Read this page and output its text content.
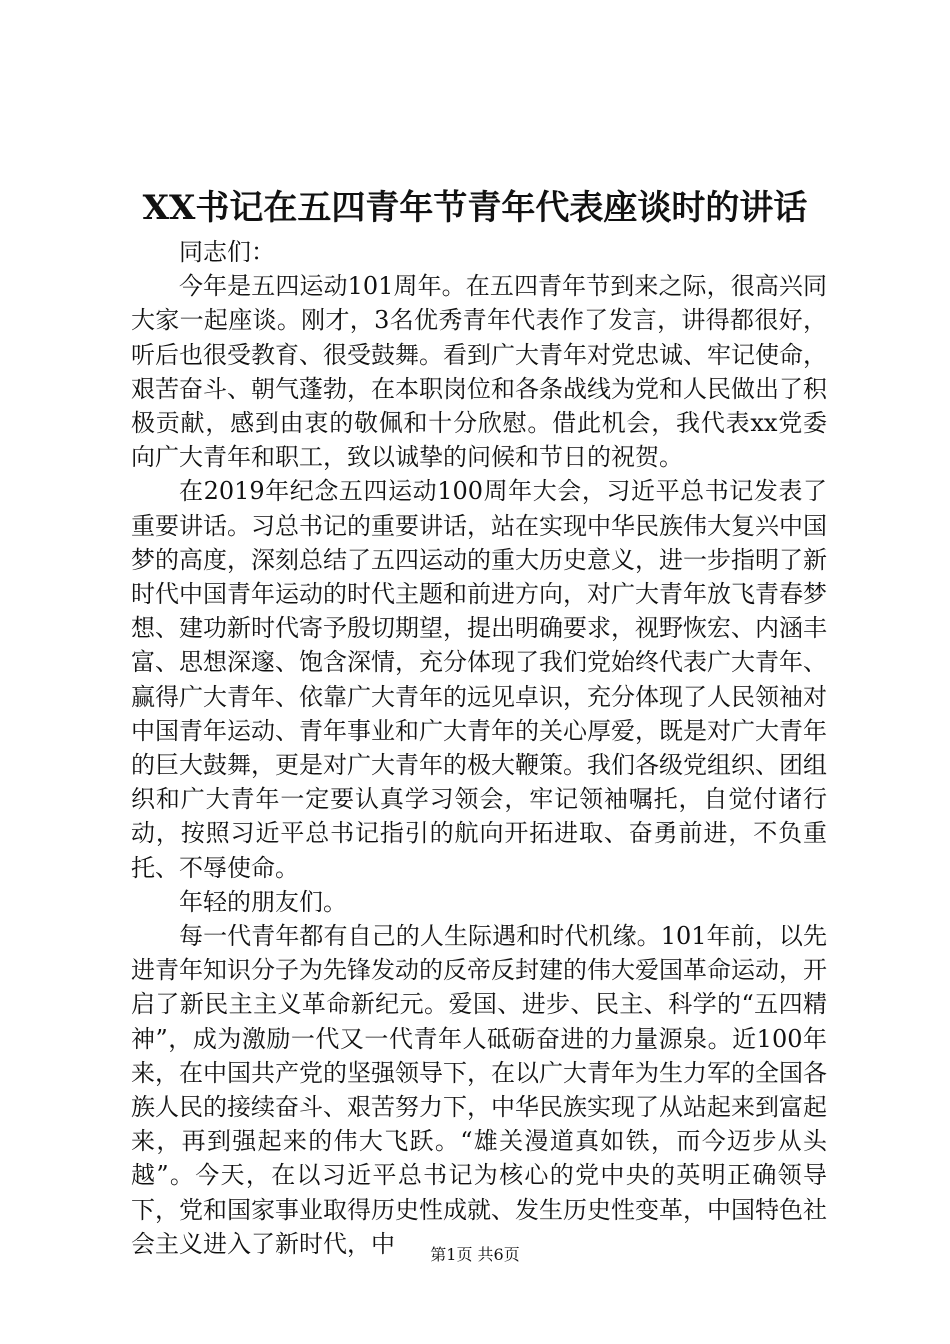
XX书记在五四青年节青年代表座谈时的讲话

同志们：

今年是五四运动101周年。在五四青年节到来之际，很高兴同大家一起座谈。刚才，3名优秀青年代表作了发言，讲得都很好，听后也很受教育、很受鼓舞。看到广大青年对党忠诚、牢记使命，艰苦奋斗、朝气蓬勃，在本职岗位和各条战线为党和人民做出了积极贡献，感到由衷的敬佩和十分欣慰。借此机会，我代表xx党委向广大青年和职工，致以诚挚的问候和节日的祝贺。

在2019年纪念五四运动100周年大会，习近平总书记发表了重要讲话。习总书记的重要讲话，站在实现中华民族伟大复兴中国梦的高度，深刻总结了五四运动的重大历史意义，进一步指明了新时代中国青年运动的时代主题和前进方向，对广大青年放飞青春梦想、建功新时代寄予殷切期望，提出明确要求，视野恢宏、内涵丰富、思想深邃、饱含深情，充分体现了我们党始终代表广大青年、赢得广大青年、依靠广大青年的远见卓识，充分体现了人民领袖对中国青年运动、青年事业和广大青年的关心厚爱，既是对广大青年的巨大鼓舞，更是对广大青年的极大鞭策。我们各级党组织、团组织和广大青年一定要认真学习领会，牢记领袖嘱托，自觉付诸行动，按照习近平总书记指引的航向开拓进取、奋勇前进，不负重托、不辱使命。

年轻的朋友们。

每一代青年都有自己的人生际遇和时代机缘。101年前，以先进青年知识分子为先锋发动的反帝反封建的伟大爱国革命运动，开启了新民主主义革命新纪元。爱国、进步、民主、科学的“五四精神”，成为激励一代又一代青年人砥砺奋进的力量源泉。近100年来，在中国共产党的坚强领导下，在以广大青年为生力军的全国各族人民的接续奋斗、艰苦努力下，中华民族实现了从站起来到富起来，再到强起来的伟大飞跃。“雄关漫道真如铁，而今迈步从头越”。今天，在以习近平总书记为核心的党中央的英明正确领导下，党和国家事业取得历史性成就、发生历史性变革，中国特色社会主义进入了新时代，中	第1页 共6页
